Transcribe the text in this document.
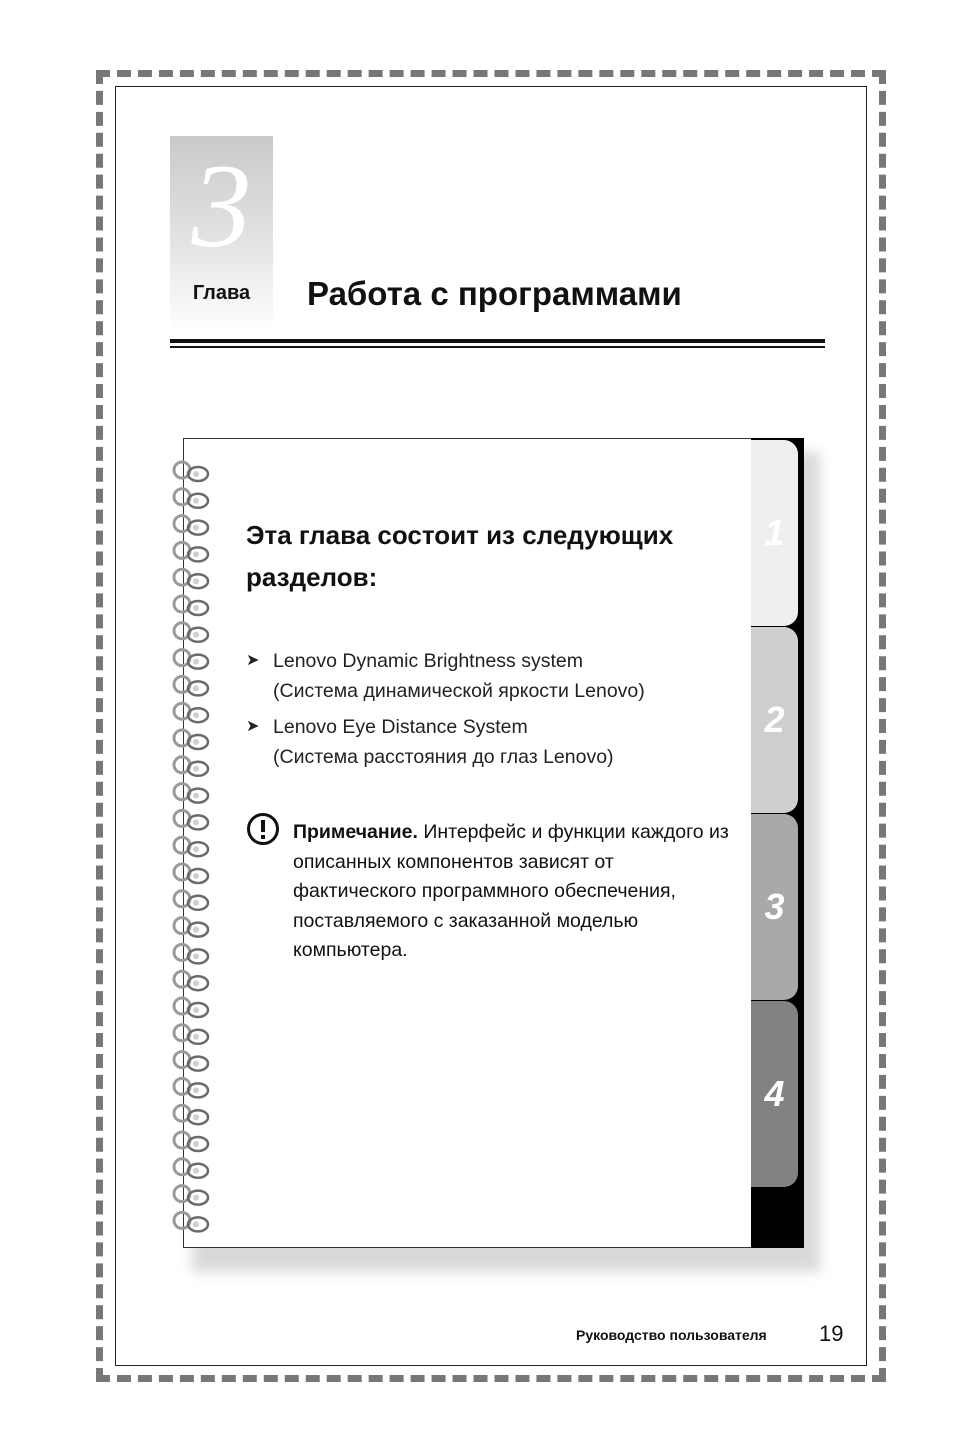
3
Глава	Работа с программами
1
2
3
4
Эта глава состоит из следующих разделов:
➤ Lenovo Dynamic Brightness system
(Система динамической яркости Lenovo)
➤ Lenovo Eye Distance System
(Система расстояния до глаз Lenovo)
Примечание. Интерфейс и функции каждого из описанных компонентов зависят от фактического программного обеспечения, поставляемого с заказанной моделью компьютера.
Руководство пользователя 19
